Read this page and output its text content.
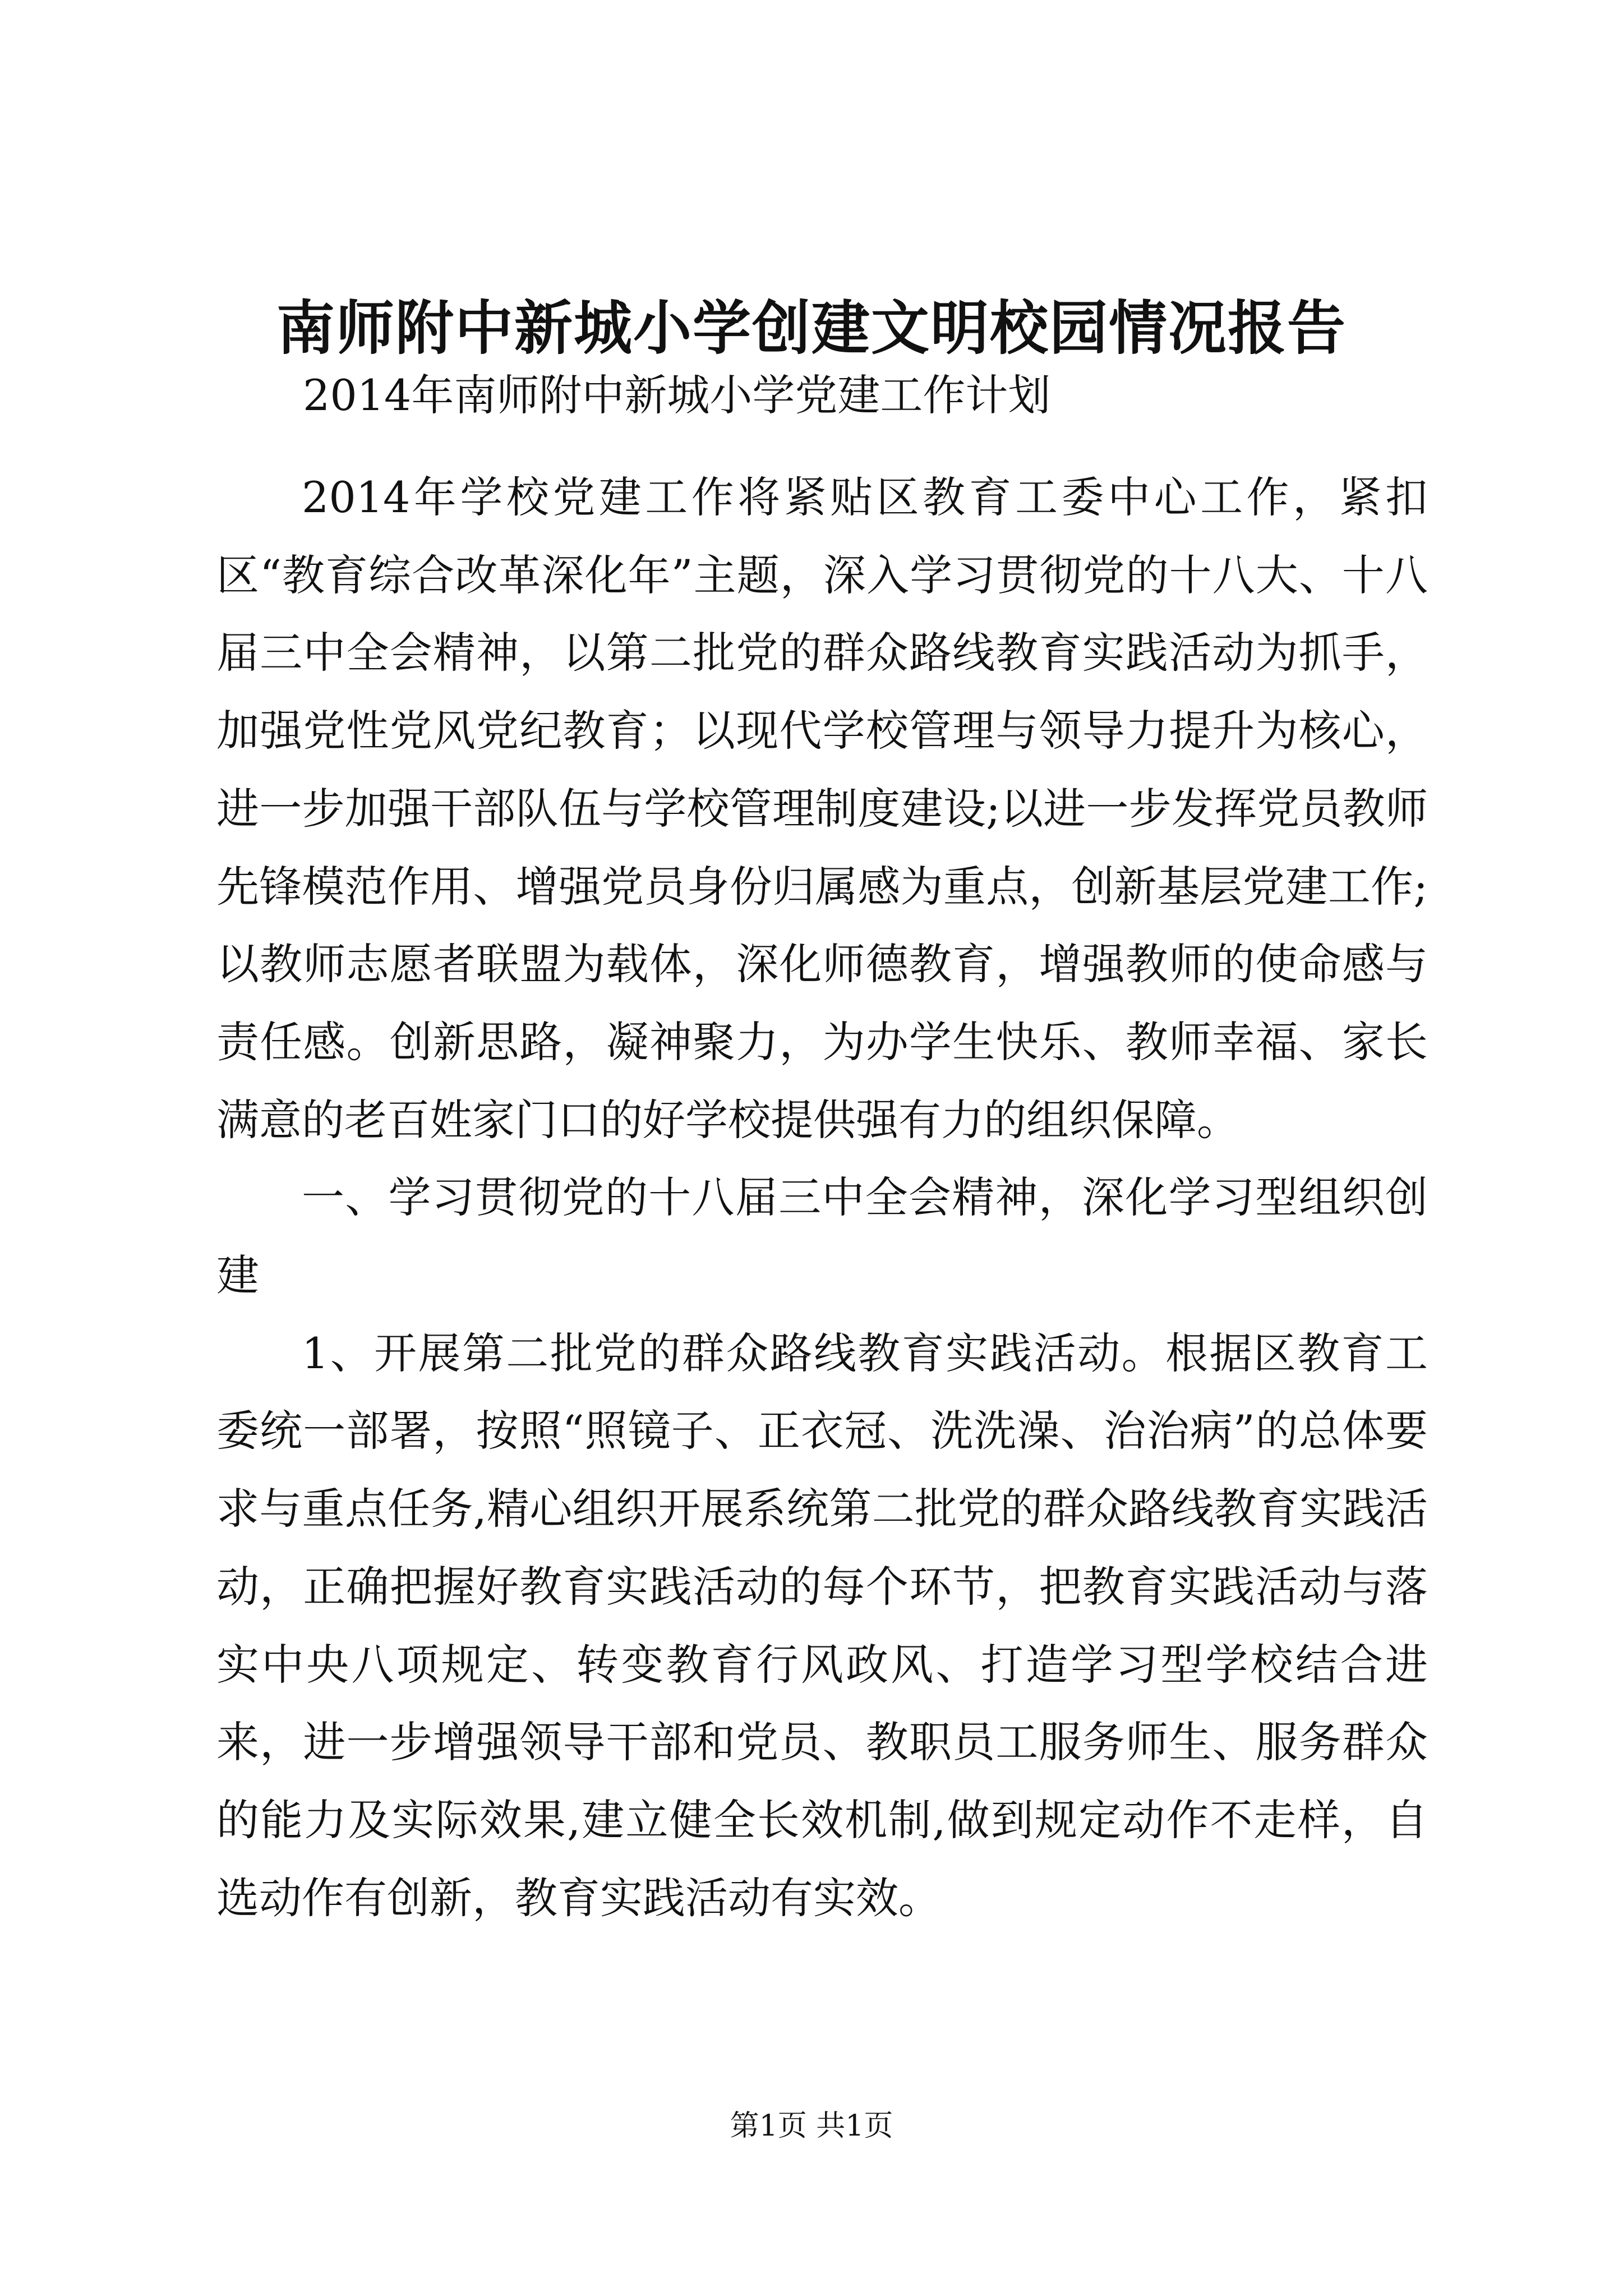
南师附中新城小学创建文明校园情况报告
2014年南师附中新城小学党建工作计划

2014年学校党建工作将紧贴区教育工委中心工作，紧扣区“教育综合改革深化年”主题，深入学习贯彻党的十八大、十八届三中全会精神，以第二批党的群众路线教育实践活动为抓手，加强党性党风党纪教育；以现代学校管理与领导力提升为核心，进一步加强干部队伍与学校管理制度建设;以进一步发挥党员教师先锋模范作用、增强党员身份归属感为重点，创新基层党建工作;以教师志愿者联盟为载体，深化师德教育，增强教师的使命感与责任感。创新思路，凝神聚力，为办学生快乐、教师幸福、家长满意的老百姓家门口的好学校提供强有力的组织保障。

一、学习贯彻党的十八届三中全会精神，深化学习型组织创建

1、开展第二批党的群众路线教育实践活动。根据区教育工委统一部署，按照“照镜子、正衣冠、洗洗澡、治治病”的总体要求与重点任务,精心组织开展系统第二批党的群众路线教育实践活动，正确把握好教育实践活动的每个环节，把教育实践活动与落实中央八项规定、转变教育行风政风、打造学习型学校结合进来，进一步增强领导干部和党员、教职员工服务师生、服务群众的能力及实际效果,建立健全长效机制,做到规定动作不走样，自选动作有创新，教育实践活动有实效。

第1页 共1页
